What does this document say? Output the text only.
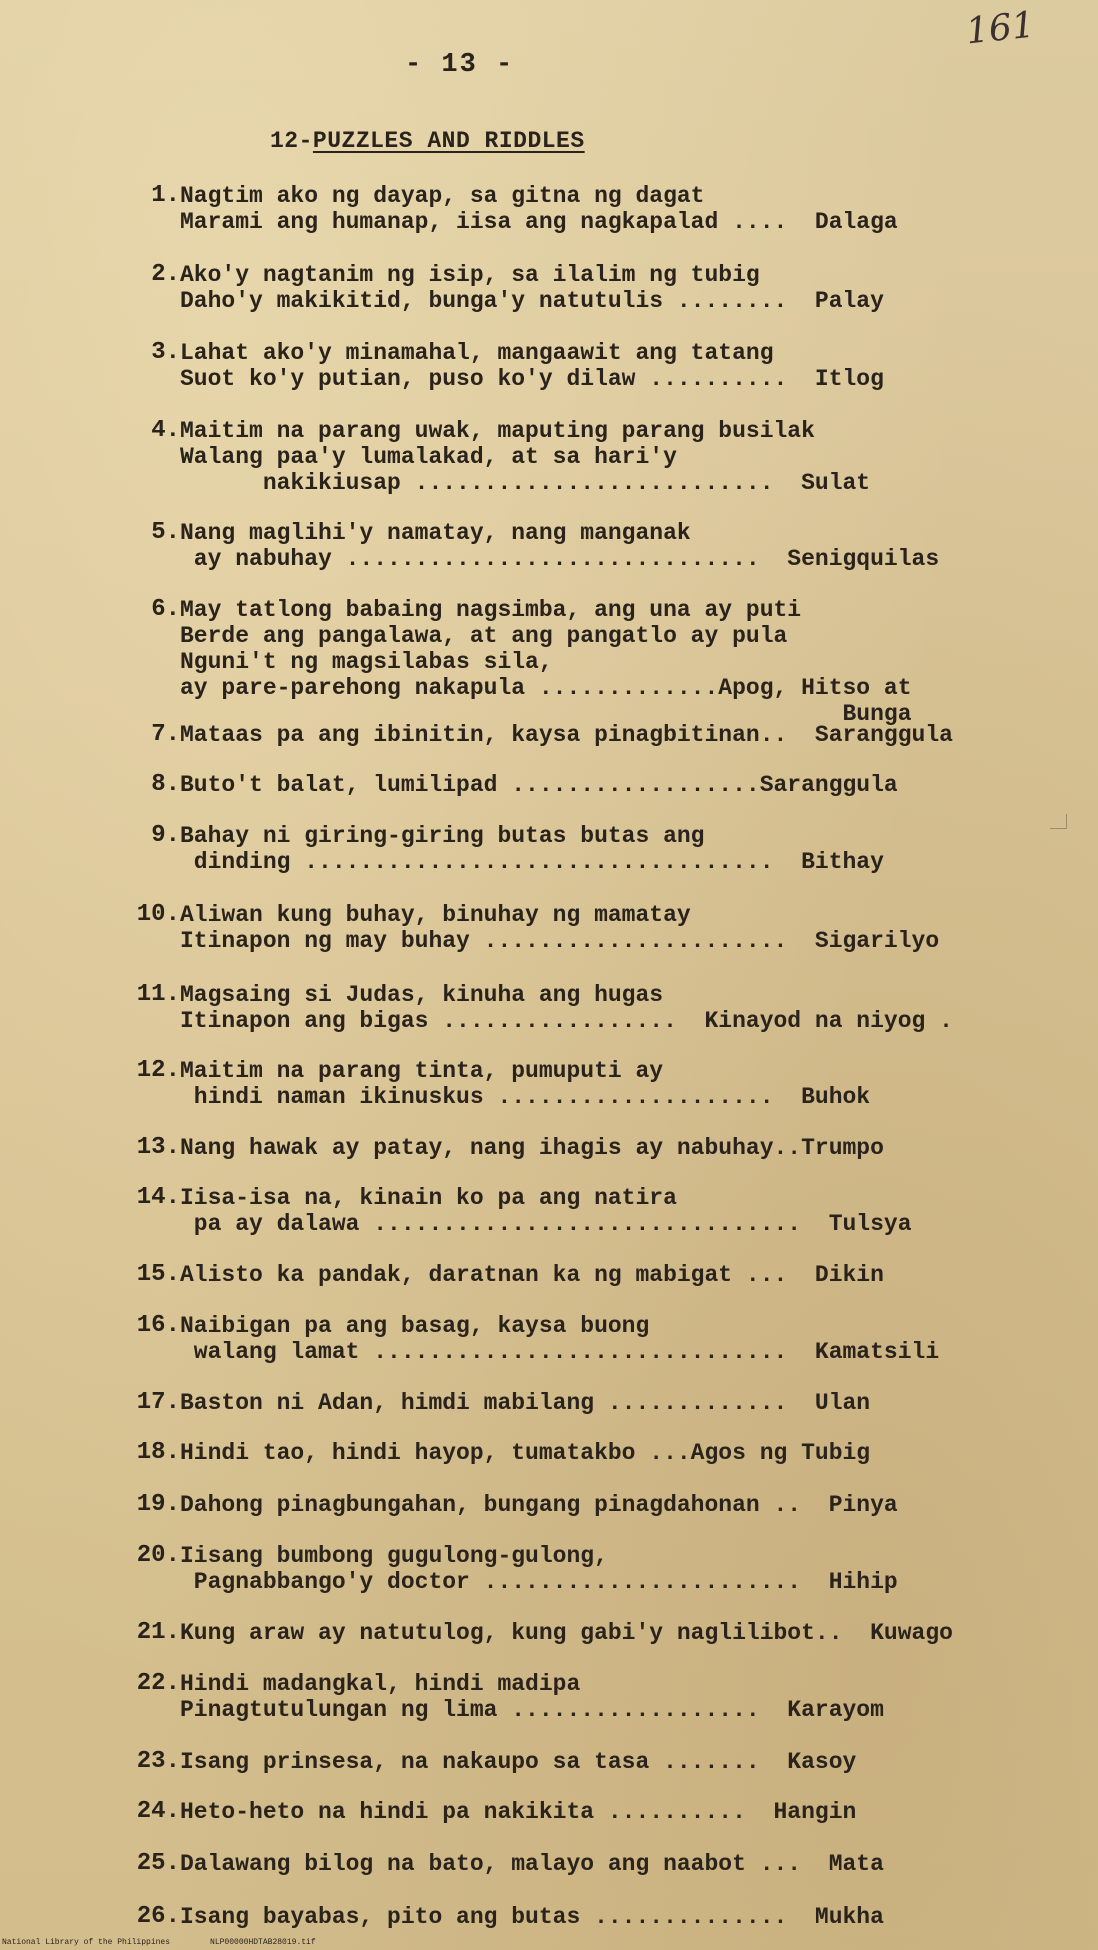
161
- 13 -
12-PUZZLES AND RIDDLES
1. Nagtim ako ng dayap, sa gitna ng dagat
Marami ang humanap, iisa ang nagkapalad ....  Dalaga
2. Ako'y nagtanim ng isip, sa ilalim ng tubig
Daho'y makikitid, bunga'y natutulis ........  Palay
3. Lahat ako'y minamahal, mangaawit ang tatang
Suot ko'y putian, puso ko'y dilaw ..........  Itlog
4. Maitim na parang uwak, maputing parang busilak
Walang paa'y lumalakad, at sa hari'y
nakikiusap ..........................  Sulat
5. Nang maglihi'y namatay, nang manganak
ay nabuhay ..............................  Senigquilas
6. May tatlong babaing nagsimba, ang una ay puti
Berde ang pangalawa, at ang pangatlo ay pula
Nguni't ng magsilabas sila,
ay pare-parehong nakapula .............Apog, Hitso at
Bunga
7. Mataas pa ang ibinitin, kaysa pinagbitinan..  Saranggula
8. Buto't balat, lumilipad ..................Saranggula
9. Bahay ni giring-giring butas butas ang
dinding ..................................  Bithay
10. Aliwan kung buhay, binuhay ng mamatay
Itinapon ng may buhay ......................  Sigarilyo
11. Magsaing si Judas, kinuha ang hugas
Itinapon ang bigas .................  Kinayod na niyog .
12. Maitim na parang tinta, pumuputi ay
hindi naman ikinuskus ....................  Buhok
13. Nang hawak ay patay, nang ihagis ay nabuhay..Trumpo
14. Iisa-isa na, kinain ko pa ang natira
pa ay dalawa ...............................  Tulsya
15. Alisto ka pandak, daratnan ka ng mabigat ...  Dikin
16. Naibigan pa ang basag, kaysa buong
walang lamat ..............................  Kamatsili
17. Baston ni Adan, himdi mabilang .............  Ulan
18. Hindi tao, hindi hayop, tumatakbo ...Agos ng Tubig
19. Dahong pinagbungahan, bungang pinagdahonan ..  Pinya
20. Iisang bumbong gugulong-gulong,
Pagnabbango'y doctor .......................  Hihip
21. Kung araw ay natutulog, kung gabi'y naglilibot..  Kuwago
22. Hindi madangkal, hindi madipa
Pinagtutulungan ng lima ..................  Karayom
23. Isang prinsesa, na nakaupo sa tasa .......  Kasoy
24. Heto-heto na hindi pa nakikita ..........  Hangin
25. Dalawang bilog na bato, malayo ang naabot ...  Mata
26. Isang bayabas, pito ang butas ..............  Mukha
National Library of the Philippines	NLP00000HDTAB28019.tif
